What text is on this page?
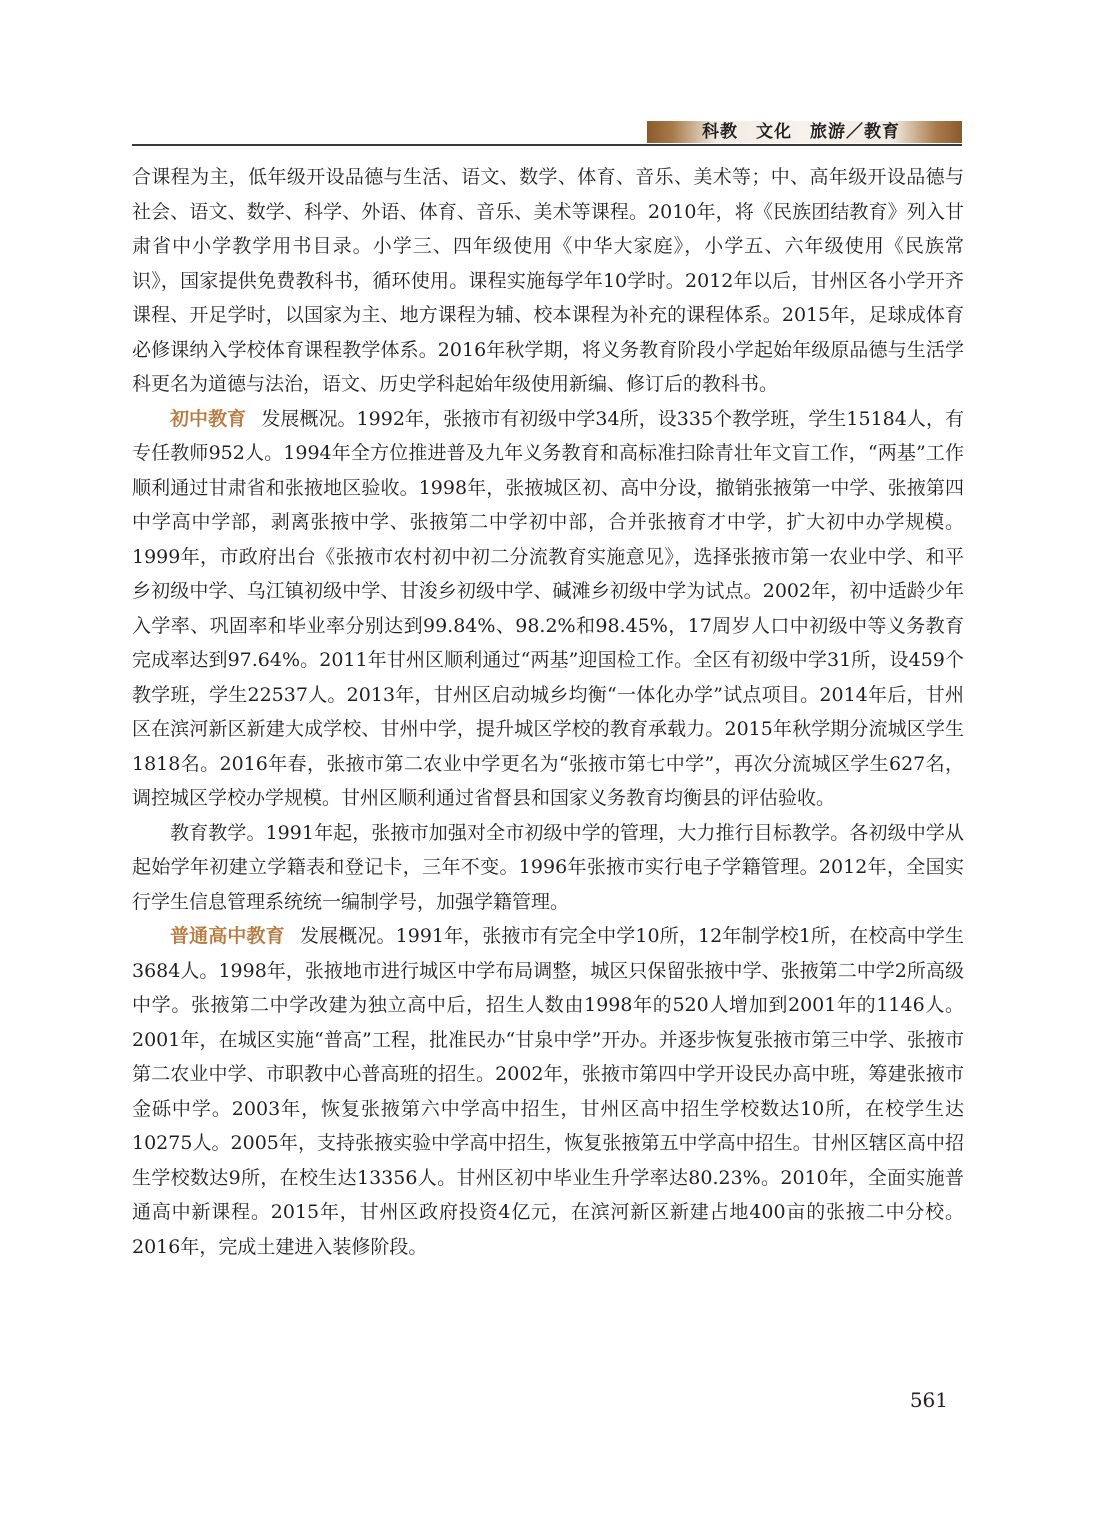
科教　文化　旅游／教育

合课程为主，低年级开设品德与生活、语文、数学、体育、音乐、美术等；中、高年级开设品德与社会、语文、数学、科学、外语、体育、音乐、美术等课程。2010年，将《民族团结教育》列入甘肃省中小学教学用书目录。小学三、四年级使用《中华大家庭》，小学五、六年级使用《民族常识》，国家提供免费教科书，循环使用。课程实施每学年10学时。2012年以后，甘州区各小学开齐课程、开足学时，以国家为主、地方课程为辅、校本课程为补充的课程体系。2015年，足球成体育必修课纳入学校体育课程教学体系。2016年秋学期，将义务教育阶段小学起始年级原品德与生活学科更名为道德与法治，语文、历史学科起始年级使用新编、修订后的教科书。

初中教育 发展概况。1992年，张掖市有初级中学34所，设335个教学班，学生15184人，有专任教师952人。1994年全方位推进普及九年义务教育和高标准扫除青壮年文盲工作，“两基”工作顺利通过甘肃省和张掖地区验收。1998年，张掖城区初、高中分设，撤销张掖第一中学、张掖第四中学高中学部，剥离张掖中学、张掖第二中学初中部，合并张掖育才中学，扩大初中办学规模。1999年，市政府出台《张掖市农村初中初二分流教育实施意见》，选择张掖市第一农业中学、和平乡初级中学、乌江镇初级中学、甘浚乡初级中学、碱滩乡初级中学为试点。2002年，初中适龄少年入学率、巩固率和毕业率分别达到99.84%、98.2%和98.45%，17周岁人口中初级中等义务教育完成率达到97.64%。2011年甘州区顺利通过“两基”迎国检工作。全区有初级中学31所，设459个教学班，学生22537人。2013年，甘州区启动城乡均衡“一体化办学”试点项目。2014年后，甘州区在滨河新区新建大成学校、甘州中学，提升城区学校的教育承载力。2015年秋学期分流城区学生1818名。2016年春，张掖市第二农业中学更名为“张掖市第七中学”，再次分流城区学生627名，调控城区学校办学规模。甘州区顺利通过省督县和国家义务教育均衡县的评估验收。

教育教学。1991年起，张掖市加强对全市初级中学的管理，大力推行目标教学。各初级中学从起始学年初建立学籍表和登记卡，三年不变。1996年张掖市实行电子学籍管理。2012年，全国实行学生信息管理系统统一编制学号，加强学籍管理。

普通高中教育 发展概况。1991年，张掖市有完全中学10所，12年制学校1所，在校高中学生3684人。1998年，张掖地市进行城区中学布局调整，城区只保留张掖中学、张掖第二中学2所高级中学。张掖第二中学改建为独立高中后，招生人数由1998年的520人增加到2001年的1146人。2001年，在城区实施“普高”工程，批准民办“甘泉中学”开办。并逐步恢复张掖市第三中学、张掖市第二农业中学、市职教中心普高班的招生。2002年，张掖市第四中学开设民办高中班，筹建张掖市金砾中学。2003年，恢复张掖第六中学高中招生，甘州区高中招生学校数达10所，在校学生达10275人。2005年，支持张掖实验中学高中招生，恢复张掖第五中学高中招生。甘州区辖区高中招生学校数达9所，在校生达13356人。甘州区初中毕业生升学率达80.23%。2010年，全面实施普通高中新课程。2015年，甘州区政府投资4亿元，在滨河新区新建占地400亩的张掖二中分校。2016年，完成土建进入装修阶段。

561
